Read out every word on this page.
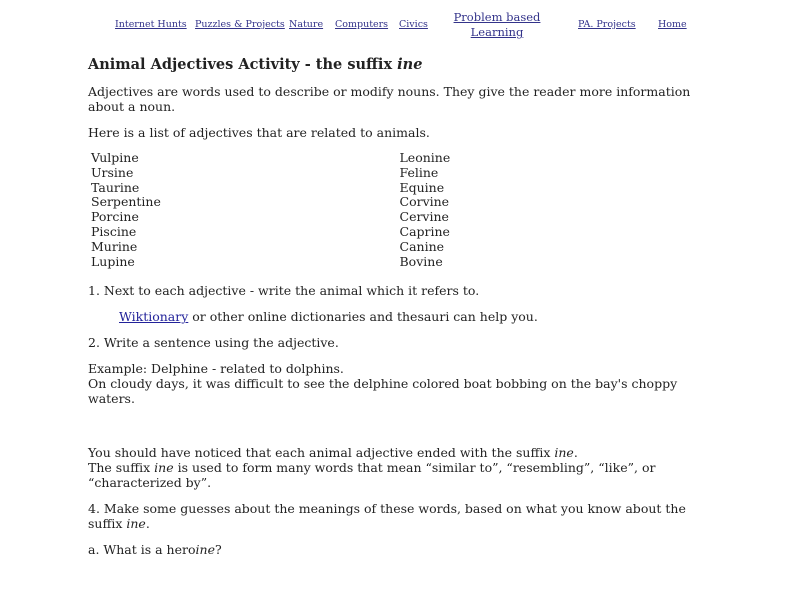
Internet Hunts Puzzles & Projects Nature Computers Civics
Problem based Learning
PA. Projects Home
Animal Adjectives Activity - the suffix ine

Adjectives are words used to describe or modify nouns. They give the reader more information about a noun.

Here is a list of adjectives that are related to animals.

Vulpine
Ursine
Taurine
Serpentine
Porcine
Piscine
Murine
Lupine
Leonine
Feline
Equine
Corvine
Cervine
Caprine
Canine
Bovine

1. Next to each adjective - write the animal which it refers to.

Wiktionary or other online dictionaries and thesauri can help you.

2. Write a sentence using the adjective.

Example: Delphine - related to dolphins.
On cloudy days, it was difficult to see the delphine colored boat bobbing on the bay's choppy waters.

You should have noticed that each animal adjective ended with the suffix ine.
The suffix ine is used to form many words that mean “similar to”, “resembling”, “like”, or “characterized by”.

4. Make some guesses about the meanings of these words, based on what you know about the suffix ine.

a. What is a heroine?
